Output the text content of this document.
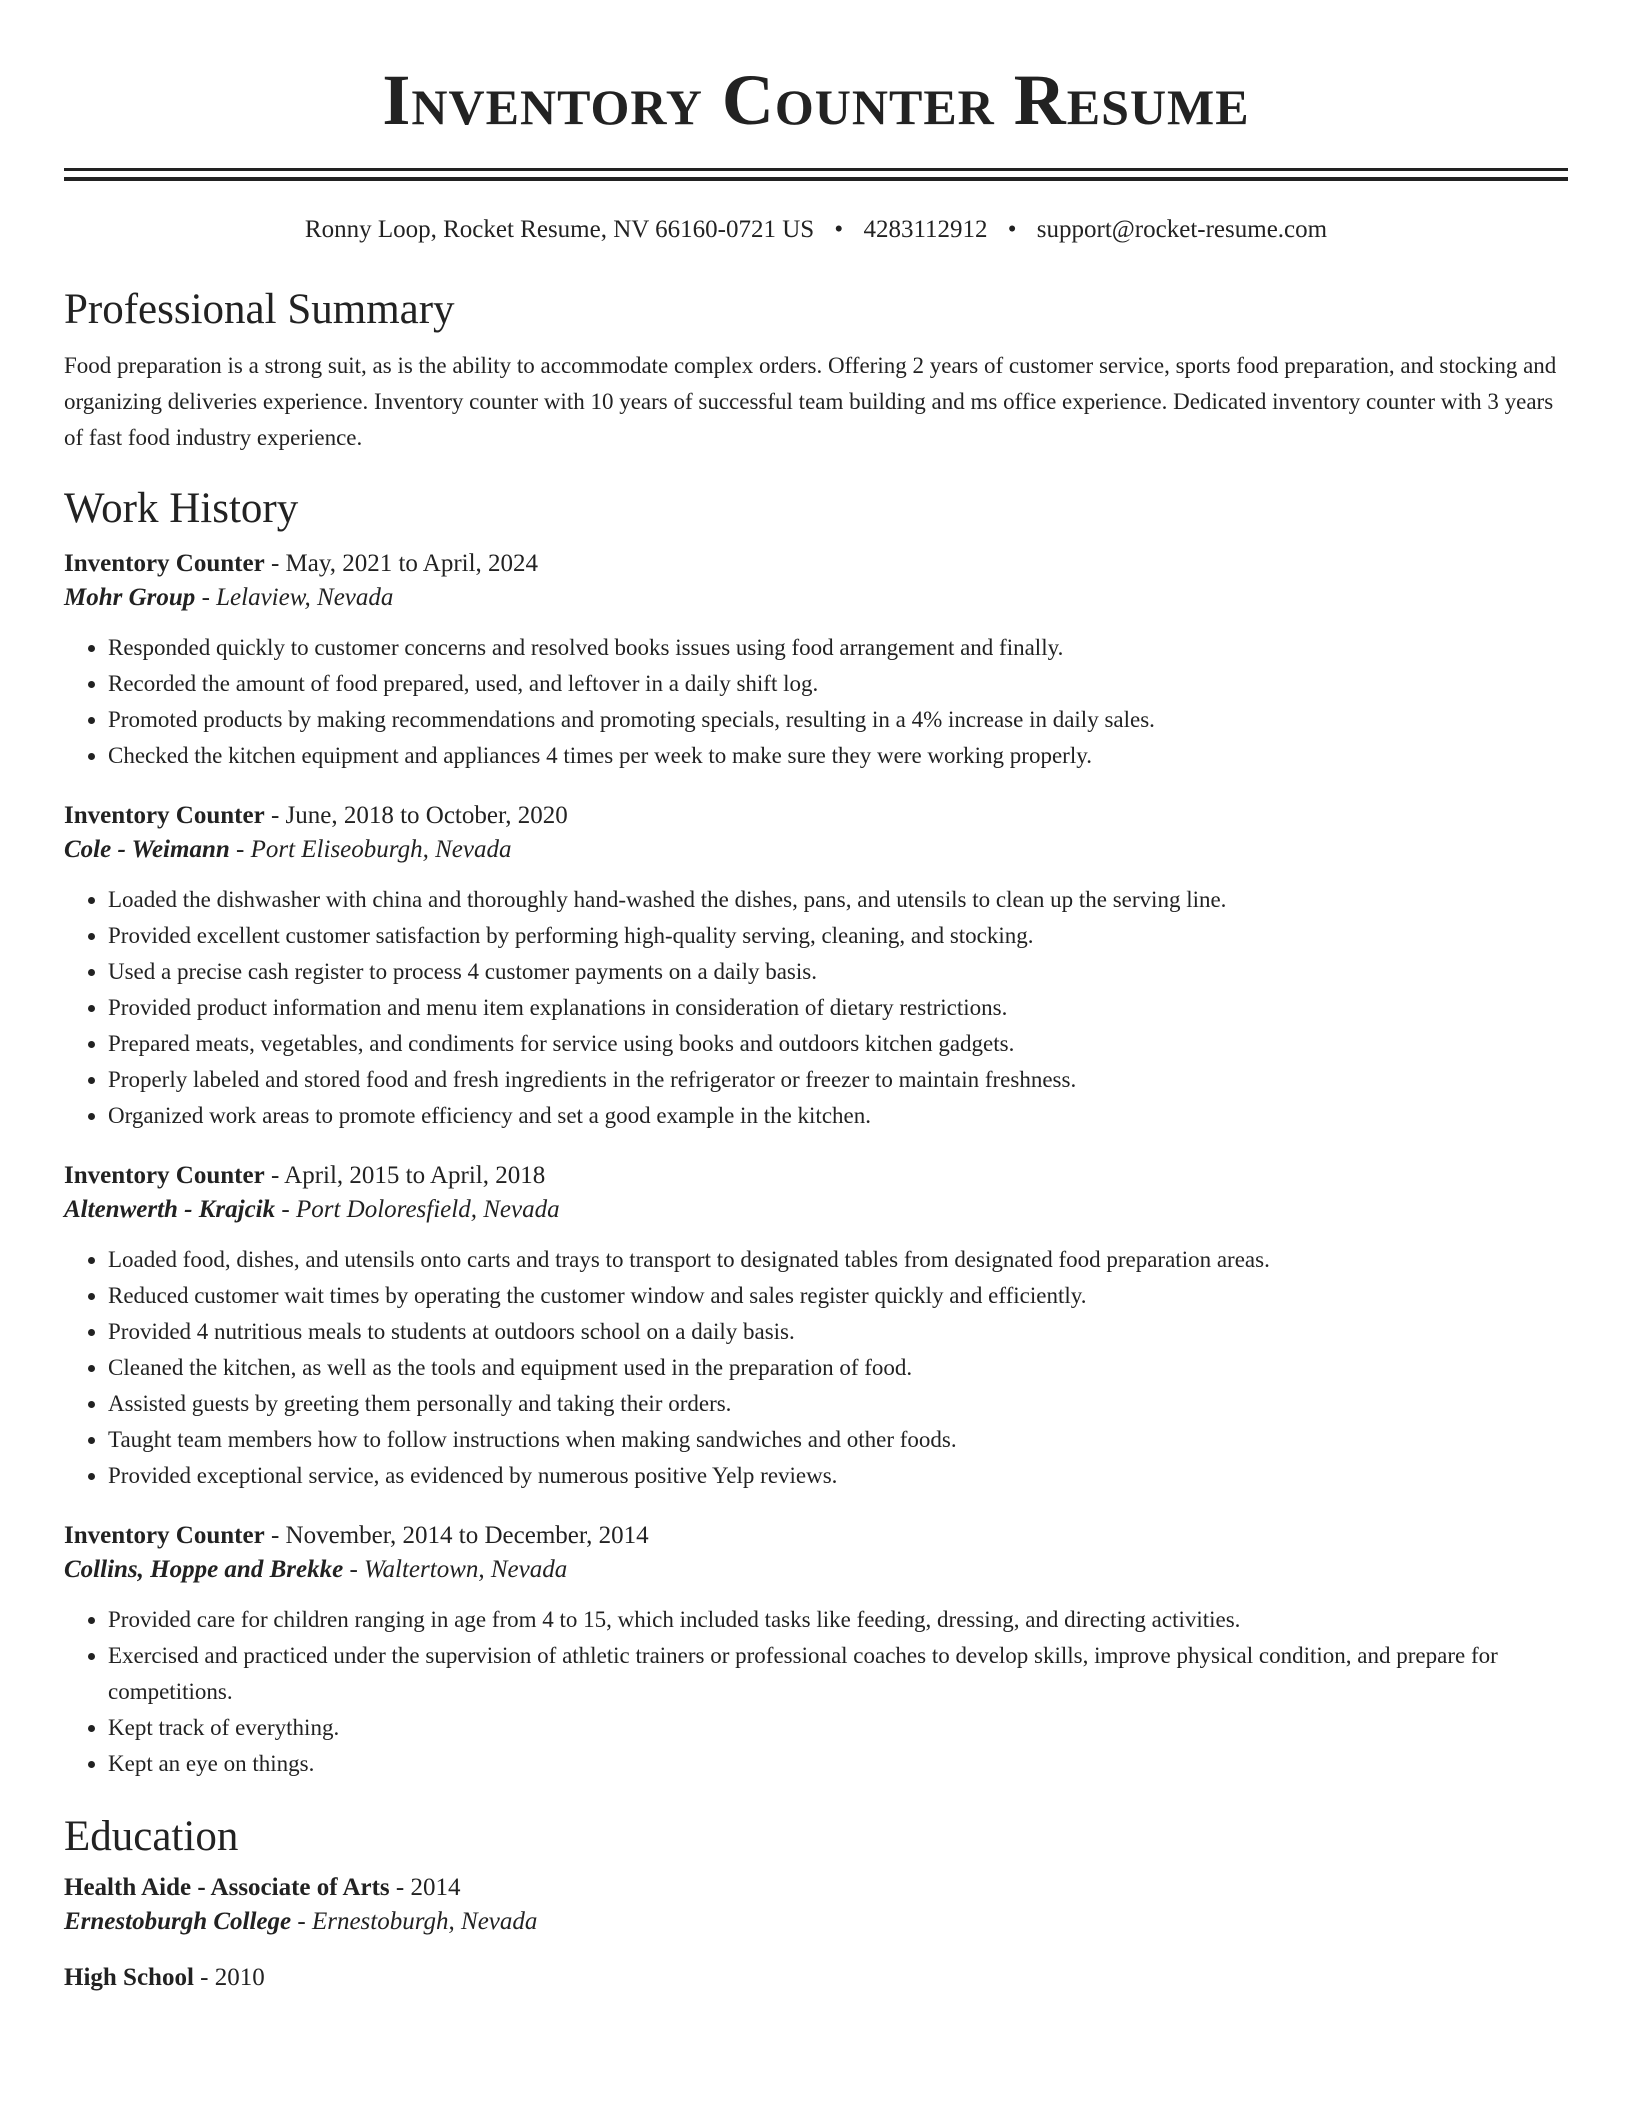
Inventory Counter Resume
Ronny Loop, Rocket Resume, NV 66160-0721 US • 4283112912 • support@rocket-resume.com
Professional Summary

Food preparation is a strong suit, as is the ability to accommodate complex orders. Offering 2 years of customer service, sports food preparation, and stocking and organizing deliveries experience. Inventory counter with 10 years of successful team building and ms office experience. Dedicated inventory counter with 3 years of fast food industry experience.

Work History
Inventory Counter - May, 2021 to April, 2024
Mohr Group - Lelaview, Nevada
• Responded quickly to customer concerns and resolved books issues using food arrangement and finally.
• Recorded the amount of food prepared, used, and leftover in a daily shift log.
• Promoted products by making recommendations and promoting specials, resulting in a 4% increase in daily sales.
• Checked the kitchen equipment and appliances 4 times per week to make sure they were working properly.
Inventory Counter - June, 2018 to October, 2020
Cole - Weimann - Port Eliseoburgh, Nevada
• Loaded the dishwasher with china and thoroughly hand-washed the dishes, pans, and utensils to clean up the serving line.
• Provided excellent customer satisfaction by performing high-quality serving, cleaning, and stocking.
• Used a precise cash register to process 4 customer payments on a daily basis.
• Provided product information and menu item explanations in consideration of dietary restrictions.
• Prepared meats, vegetables, and condiments for service using books and outdoors kitchen gadgets.
• Properly labeled and stored food and fresh ingredients in the refrigerator or freezer to maintain freshness.
• Organized work areas to promote efficiency and set a good example in the kitchen.
Inventory Counter - April, 2015 to April, 2018
Altenwerth - Krajcik - Port Doloresfield, Nevada
• Loaded food, dishes, and utensils onto carts and trays to transport to designated tables from designated food preparation areas.
• Reduced customer wait times by operating the customer window and sales register quickly and efficiently.
• Provided 4 nutritious meals to students at outdoors school on a daily basis.
• Cleaned the kitchen, as well as the tools and equipment used in the preparation of food.
• Assisted guests by greeting them personally and taking their orders.
• Taught team members how to follow instructions when making sandwiches and other foods.
• Provided exceptional service, as evidenced by numerous positive Yelp reviews.
Inventory Counter - November, 2014 to December, 2014
Collins, Hoppe and Brekke - Waltertown, Nevada
• Provided care for children ranging in age from 4 to 15, which included tasks like feeding, dressing, and directing activities.
• Exercised and practiced under the supervision of athletic trainers or professional coaches to develop skills, improve physical condition, and prepare for competitions.
• Kept track of everything.
• Kept an eye on things.
Education
Health Aide - Associate of Arts - 2014
Ernestoburgh College - Ernestoburgh, Nevada
High School - 2010
